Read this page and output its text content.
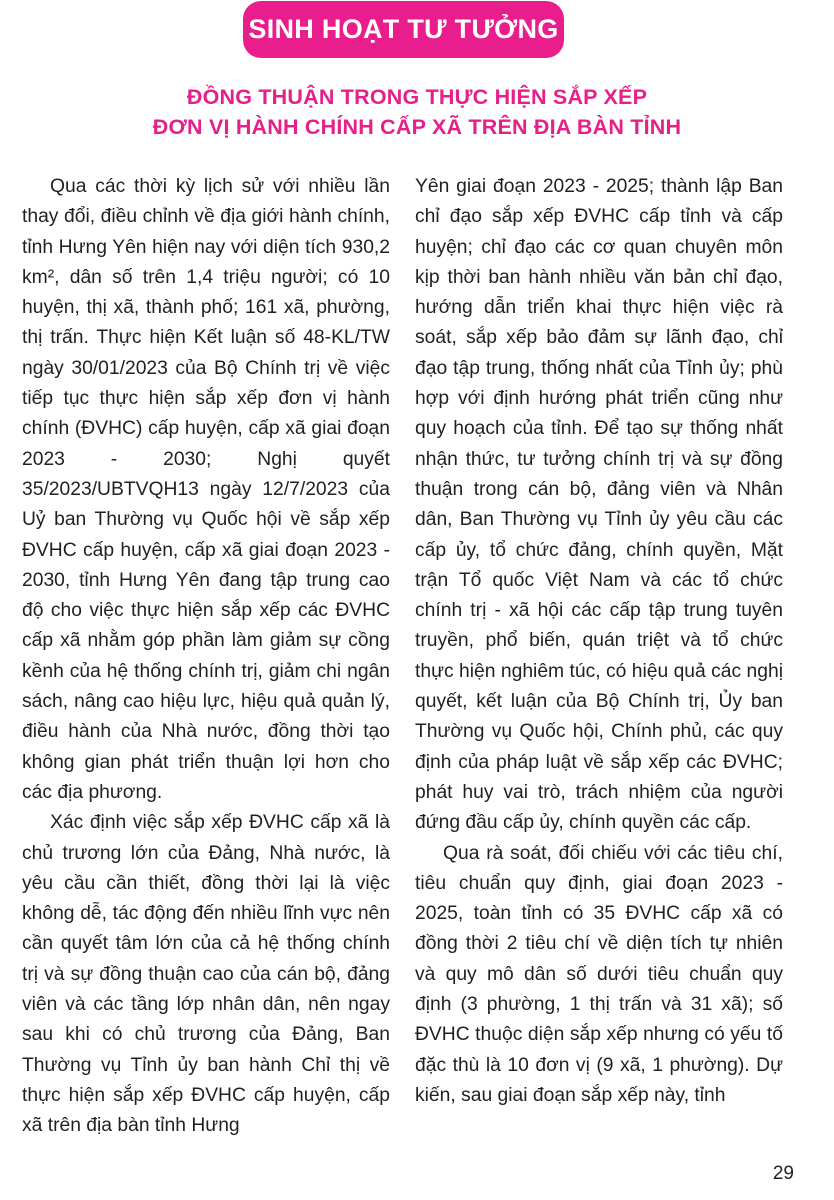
SINH HOẠT TƯ TƯỞNG
ĐỒNG THUẬN TRONG THỰC HIỆN SẮP XẾP
ĐƠN VỊ HÀNH CHÍNH CẤP XÃ TRÊN ĐỊA BÀN TỈNH

Qua các thời kỳ lịch sử với nhiều lần thay đổi, điều chỉnh về địa giới hành chính, tỉnh Hưng Yên hiện nay với diện tích 930,2 km², dân số trên 1,4 triệu người; có 10 huyện, thị xã, thành phố; 161 xã, phường, thị trấn. Thực hiện Kết luận số 48-KL/TW ngày 30/01/2023 của Bộ Chính trị về việc tiếp tục thực hiện sắp xếp đơn vị hành chính (ĐVHC) cấp huyện, cấp xã giai đoạn 2023 - 2030; Nghị quyết 35/2023/UBTVQH13 ngày 12/7/2023 của Uỷ ban Thường vụ Quốc hội về sắp xếp ĐVHC cấp huyện, cấp xã giai đoạn 2023 - 2030, tỉnh Hưng Yên đang tập trung cao độ cho việc thực hiện sắp xếp các ĐVHC cấp xã nhằm góp phần làm giảm sự cồng kềnh của hệ thống chính trị, giảm chi ngân sách, nâng cao hiệu lực, hiệu quả quản lý, điều hành của Nhà nước, đồng thời tạo không gian phát triển thuận lợi hơn cho các địa phương.

Xác định việc sắp xếp ĐVHC cấp xã là chủ trương lớn của Đảng, Nhà nước, là yêu cầu cần thiết, đồng thời lại là việc không dễ, tác động đến nhiều lĩnh vực nên cần quyết tâm lớn của cả hệ thống chính trị và sự đồng thuận cao của cán bộ, đảng viên và các tầng lớp nhân dân, nên ngay sau khi có chủ trương của Đảng, Ban Thường vụ Tỉnh ủy ban hành Chỉ thị về thực hiện sắp xếp ĐVHC cấp huyện, cấp xã trên địa bàn tỉnh Hưng

Yên giai đoạn 2023 - 2025; thành lập Ban chỉ đạo sắp xếp ĐVHC cấp tỉnh và cấp huyện; chỉ đạo các cơ quan chuyên môn kịp thời ban hành nhiều văn bản chỉ đạo, hướng dẫn triển khai thực hiện việc rà soát, sắp xếp bảo đảm sự lãnh đạo, chỉ đạo tập trung, thống nhất của Tỉnh ủy; phù hợp với định hướng phát triển cũng như quy hoạch của tỉnh. Để tạo sự thống nhất nhận thức, tư tưởng chính trị và sự đồng thuận trong cán bộ, đảng viên và Nhân dân, Ban Thường vụ Tỉnh ủy yêu cầu các cấp ủy, tổ chức đảng, chính quyền, Mặt trận Tổ quốc Việt Nam và các tổ chức chính trị - xã hội các cấp tập trung tuyên truyền, phổ biến, quán triệt và tổ chức thực hiện nghiêm túc, có hiệu quả các nghị quyết, kết luận của Bộ Chính trị, Ủy ban Thường vụ Quốc hội, Chính phủ, các quy định của pháp luật về sắp xếp các ĐVHC; phát huy vai trò, trách nhiệm của người đứng đầu cấp ủy, chính quyền các cấp.

Qua rà soát, đối chiếu với các tiêu chí, tiêu chuẩn quy định, giai đoạn 2023 - 2025, toàn tỉnh có 35 ĐVHC cấp xã có đồng thời 2 tiêu chí về diện tích tự nhiên và quy mô dân số dưới tiêu chuẩn quy định (3 phường, 1 thị trấn và 31 xã); số ĐVHC thuộc diện sắp xếp nhưng có yếu tố đặc thù là 10 đơn vị (9 xã, 1 phường). Dự kiến, sau giai đoạn sắp xếp này, tỉnh

29
